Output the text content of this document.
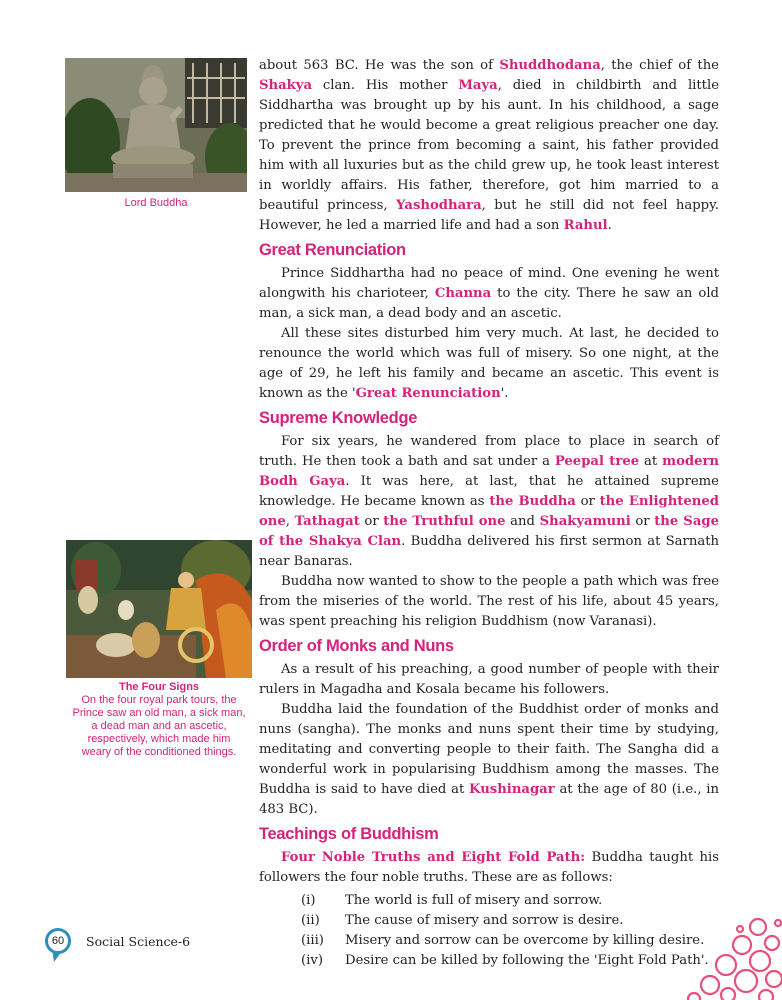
Lord Buddha
The Four Signs
On the four royal park tours, the
Prince saw an old man, a sick man,
a dead man and an ascetic,
respectively, which made him
weary of the conditioned things.

about 563 BC. He was the son of Shuddhodana, the chief of the Shakya clan. His mother Maya, died in childbirth and little Siddhartha was brought up by his aunt. In his childhood, a sage predicted that he would become a great religious preacher one day. To prevent the prince from becoming a saint, his father provided him with all luxuries but as the child grew up, he took least interest in worldly affairs. His father, therefore, got him married to a beautiful princess, Yashodhara, but he still did not feel happy. However, he led a married life and had a son Rahul.

Great Renunciation

Prince Siddhartha had no peace of mind. One evening he went alongwith his charioteer, Channa to the city. There he saw an old man, a sick man, a dead body and an ascetic.

All these sites disturbed him very much. At last, he decided to renounce the world which was full of misery. So one night, at the age of 29, he left his family and became an ascetic. This event is known as the 'Great Renunciation'.

Supreme Knowledge

For six years, he wandered from place to place in search of truth. He then took a bath and sat under a Peepal tree at modern Bodh Gaya. It was here, at last, that he attained supreme knowledge. He became known as the Buddha or the Enlightened one, Tathagat or the Truthful one and Shakyamuni or the Sage of the Shakya Clan. Buddha delivered his first sermon at Sarnath near Banaras.

Buddha now wanted to show to the people a path which was free from the miseries of the world. The rest of his life, about 45 years, was spent preaching his religion Buddhism (now Varanasi).

Order of Monks and Nuns

As a result of his preaching, a good number of people with their rulers in Magadha and Kosala became his followers.

Buddha laid the foundation of the Buddhist order of monks and nuns (sangha). The monks and nuns spent their time by studying, meditating and converting people to their faith. The Sangha did a wonderful work in popularising Buddhism among the masses. The Buddha is said to have died at Kushinagar at the age of 80 (i.e., in 483 BC).

Teachings of Buddhism

Four Noble Truths and Eight Fold Path: Buddha taught his followers the four noble truths. These are as follows:

(i)	The world is full of misery and sorrow.
(ii)	The cause of misery and sorrow is desire.
(iii)	Misery and sorrow can be overcome by killing desire.
(iv)	Desire can be killed by following the 'Eight Fold Path'.
60	Social Science-6
